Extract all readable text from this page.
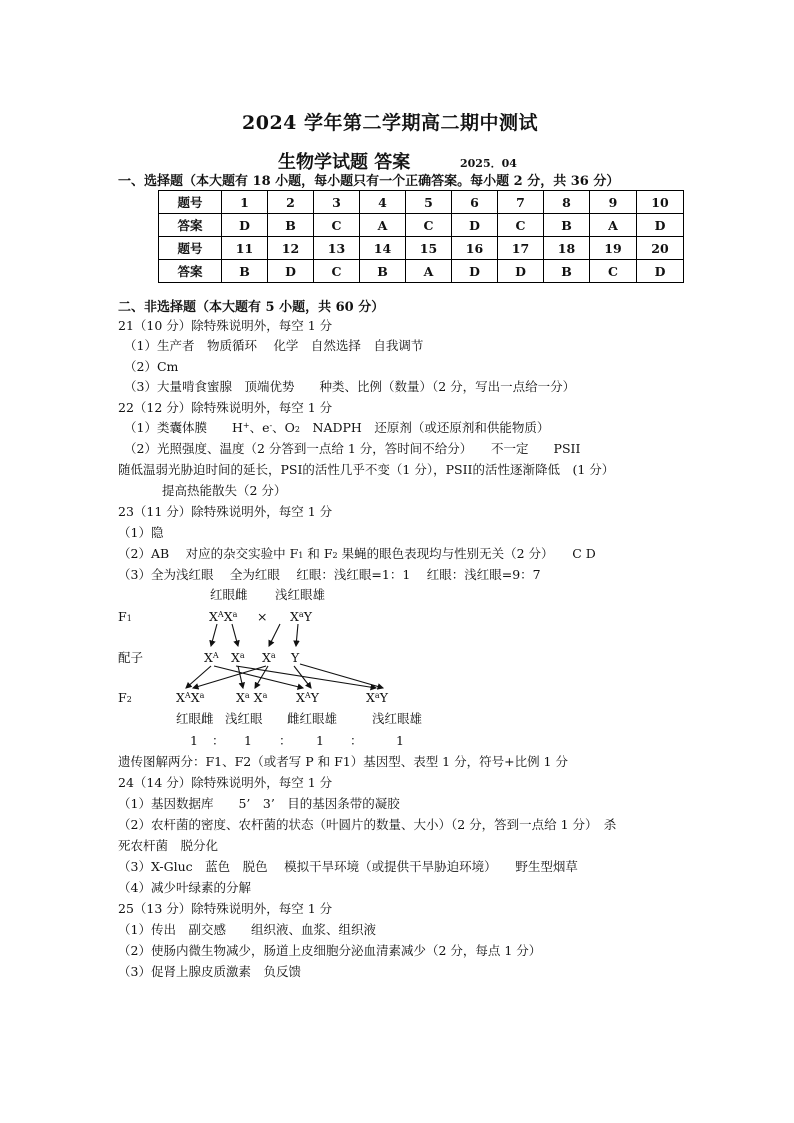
2024 学年第二学期高二期中测试
生物学试题 答案	2025．04
一、选择题（本大题有 18 小题，每小题只有一个正确答案。每小题 2 分，共 36 分）
题号	1	2	3	4	5	6	7	8	9	10
答案	D	B	C	A	C	D	C	B	A	D
题号	11	12	13	14	15	16	17	18	19	20
答案	B	D	C	B	A	D	D	B	C	D
二、非选择题（本大题有 5 小题，共 60 分）
21（10 分）除特殊说明外，每空 1 分
（1）生产者　物质循环　 化学　自然选择　自我调节
（2）Cm
（3）大量啃食蜜腺　顶端优势　　种类、比例（数量）（2 分，写出一点给一分）
22（12 分）除特殊说明外，每空 1 分
（1）类囊体膜　　H+、e-、O2　NADPH　还原剂（或还原剂和供能物质）
（2）光照强度、温度（2 分答到一点给 1 分，答时间不给分）　　不一定　　PSII
随低温弱光胁迫时间的延长，PSI的活性几乎不变（1 分），PSII的活性逐渐降低　(1 分）
提高热能散失（2 分）
23（11 分）除特殊说明外，每空 1 分
（1）隐
（2）AB　 对应的杂交实验中 F1 和 F2 果蝇的眼色表现均与性别无关（2 分）　　C D
（3）全为浅红眼　 全为红眼　 红眼：浅红眼=1：1　 红眼：浅红眼=9：7
红眼雌 浅红眼雄
F1	$X^AX^a \times X^aY$
配子	$X^A$ $X^a$ $X^a$ Y
F2	$X^AX^a$	$X^a$ $X^a$ $X^AY$	$X^aY$
红眼雌 浅红眼 雌红眼雄	浅红眼雄
1 ： 1 ： 1 ：	1
遗传图解两分：F1、F2（或者写 P 和 F1）基因型、表型 1 分，符号+比例 1 分
24（14 分）除特殊说明外，每空 1 分
（1）基因数据库　　5’　3’　目的基因条带的凝胶
（2）农杆菌的密度、农杆菌的状态（叶圆片的数量、大小）（2 分，答到一点给 1 分）　杀
死农杆菌　脱分化
（3）X-Gluc　蓝色　脱色　 模拟干旱环境（或提供干旱胁迫环境）　　野生型烟草
（4）减少叶绿素的分解
25（13 分）除特殊说明外，每空 1 分
（1）传出　副交感　　组织液、血浆、组织液
（2）使肠内微生物减少，肠道上皮细胞分泌血清素减少（2 分，每点 1 分）
（3）促肾上腺皮质激素　负反馈
